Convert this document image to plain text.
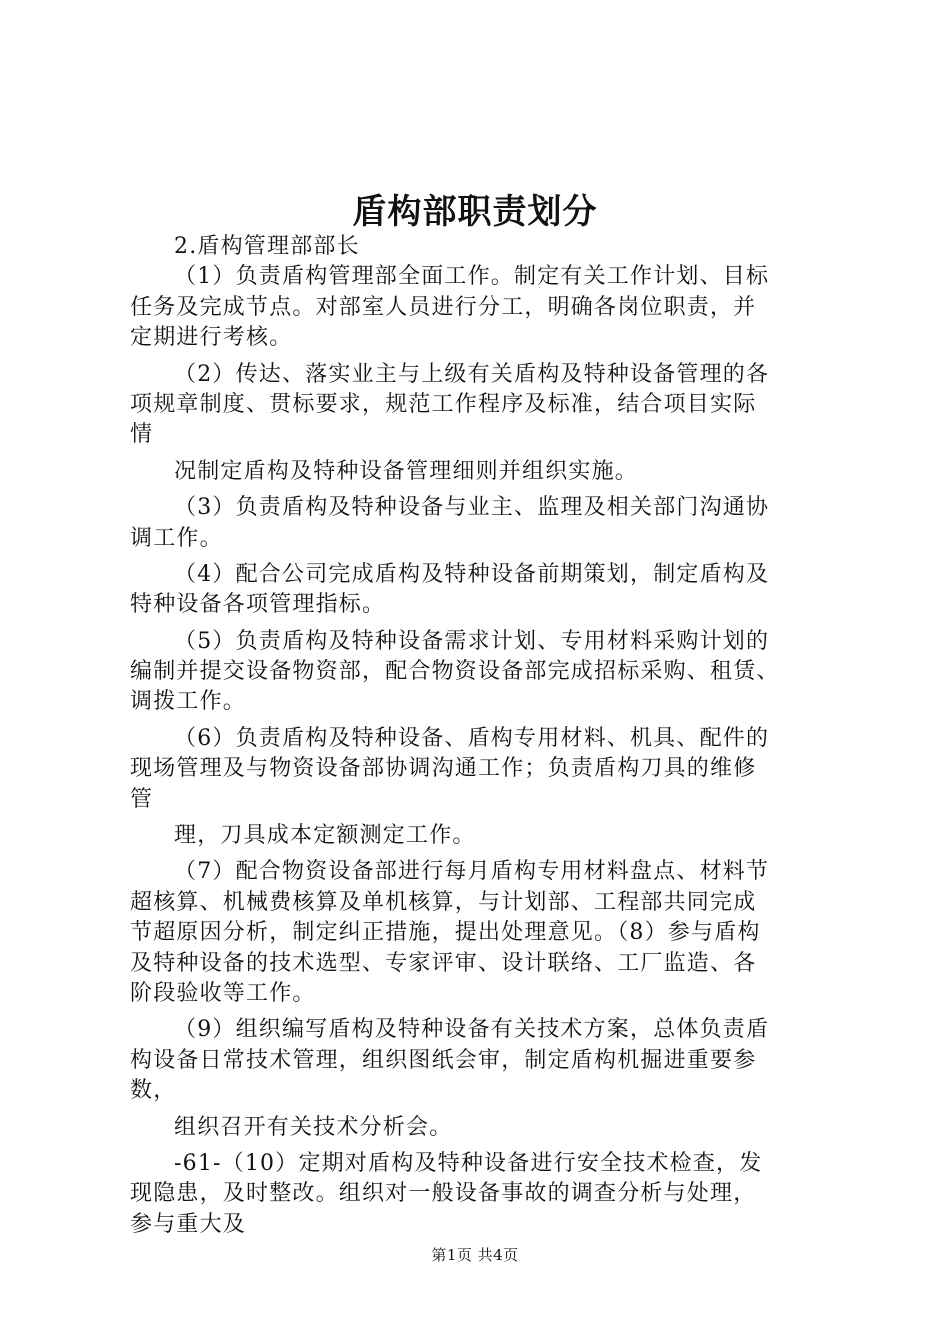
盾构部职责划分
2.盾构管理部部长
（1）负责盾构管理部全面工作。制定有关工作计划、目标
任务及完成节点。对部室人员进行分工，明确各岗位职责，并
定期进行考核。
（2）传达、落实业主与上级有关盾构及特种设备管理的各
项规章制度、贯标要求，规范工作程序及标准，结合项目实际
情
况制定盾构及特种设备管理细则并组织实施。
（3）负责盾构及特种设备与业主、监理及相关部门沟通协
调工作。
（4）配合公司完成盾构及特种设备前期策划，制定盾构及
特种设备各项管理指标。
（5）负责盾构及特种设备需求计划、专用材料采购计划的
编制并提交设备物资部，配合物资设备部完成招标采购、租赁、
调拨工作。
（6）负责盾构及特种设备、盾构专用材料、机具、配件的
现场管理及与物资设备部协调沟通工作；负责盾构刀具的维修
管
理，刀具成本定额测定工作。
（7）配合物资设备部进行每月盾构专用材料盘点、材料节
超核算、机械费核算及单机核算，与计划部、工程部共同完成
节超原因分析，制定纠正措施，提出处理意见。（8）参与盾构
及特种设备的技术选型、专家评审、设计联络、工厂监造、各
阶段验收等工作。
（9）组织编写盾构及特种设备有关技术方案，总体负责盾
构设备日常技术管理，组织图纸会审，制定盾构机掘进重要参
数，
组织召开有关技术分析会。
-61-（10）定期对盾构及特种设备进行安全技术检查，发
现隐患，及时整改。组织对一般设备事故的调查分析与处理，
参与重大及
第1页 共4页
